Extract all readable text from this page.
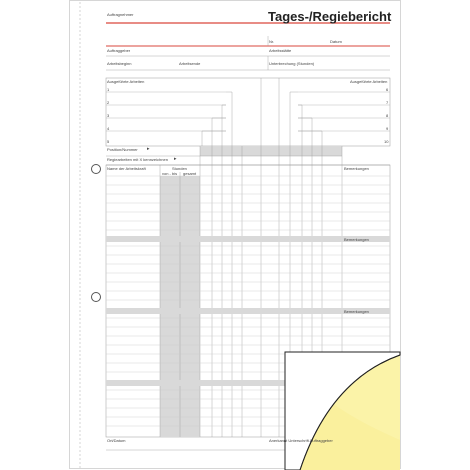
Tages-/Regiebericht
Auftragnehmer
Nr.	Datum
Auftraggeber	Arbeitsstätte
Arbeitsbeginn	Arbeitsende	Unterbrechung (Stunden)
Ausgeführte Arbeiten	Ausgeführte Arbeiten
1
2
3
4
5
6
7
8
9
10
Position/Nummer ▸
Regiearbeiten mit X kennzeichnen ▸
Name der Arbeitskraft	Stunden
von - bis gesamt
Bemerkungen
Bemerkungen
Bemerkungen
Ort/Datum	Anerkannt Unterschrift Auftraggeber
